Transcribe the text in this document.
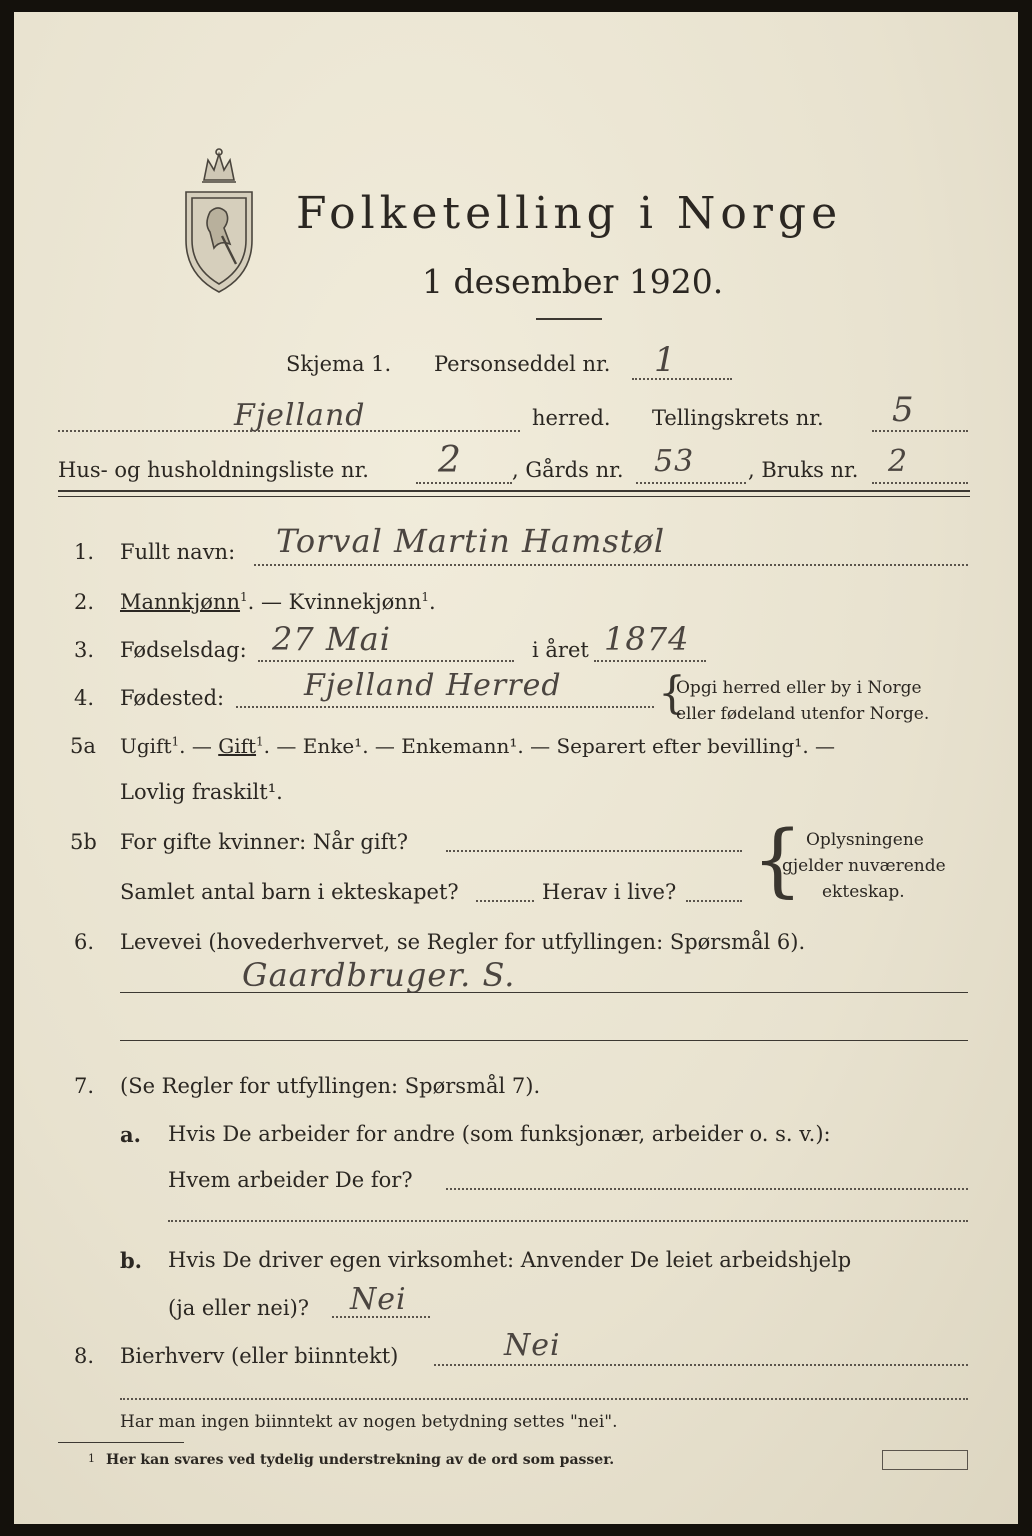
Folketelling i Norge
1 desember 1920.
Skjema 1. Personseddel nr. 1
Fjelland	herred. Tellingskrets nr. 5
Hus- og husholdningsliste nr. 2 , Gårds nr. 53	, Bruks nr. 2
1. Fullt navn: Torval Martin Hamstøl
2. Mannkjønn$^1$. — Kvinnekjønn$^1$.
3. Fødselsdag: 27 Mai	i året 1874
4. Fødested:	Fjelland Herred {
Opgi herred eller by i Norge
eller fødeland utenfor Norge.
5a Ugift$^1$. — Gift$^1$. — Enke¹. — Enkemann¹. — Separert efter bevilling¹. —
Lovlig fraskilt¹.
5b For gifte kvinner: Når gift?
Samlet antal barn i ekteskapet?	Herav i live? { Oplysningene
gjelder nuværende
ekteskap.
6. Levevei (hovederhvervet, se Regler for utfyllingen: Spørsmål 6).
Gaardbruger. S.
7. (Se Regler for utfyllingen: Spørsmål 7).
a. Hvis De arbeider for andre (som funksjonær, arbeider o. s. v.):
Hvem arbeider De for?
b. Hvis De driver egen virksomhet: Anvender De leiet arbeidshjelp
(ja eller nei)? Nei
8. Bierhverv (eller biinntekt)	Nei
Har man ingen biinntekt av nogen betydning settes "nei".
1 Her kan svares ved tydelig understrekning av de ord som passer.
